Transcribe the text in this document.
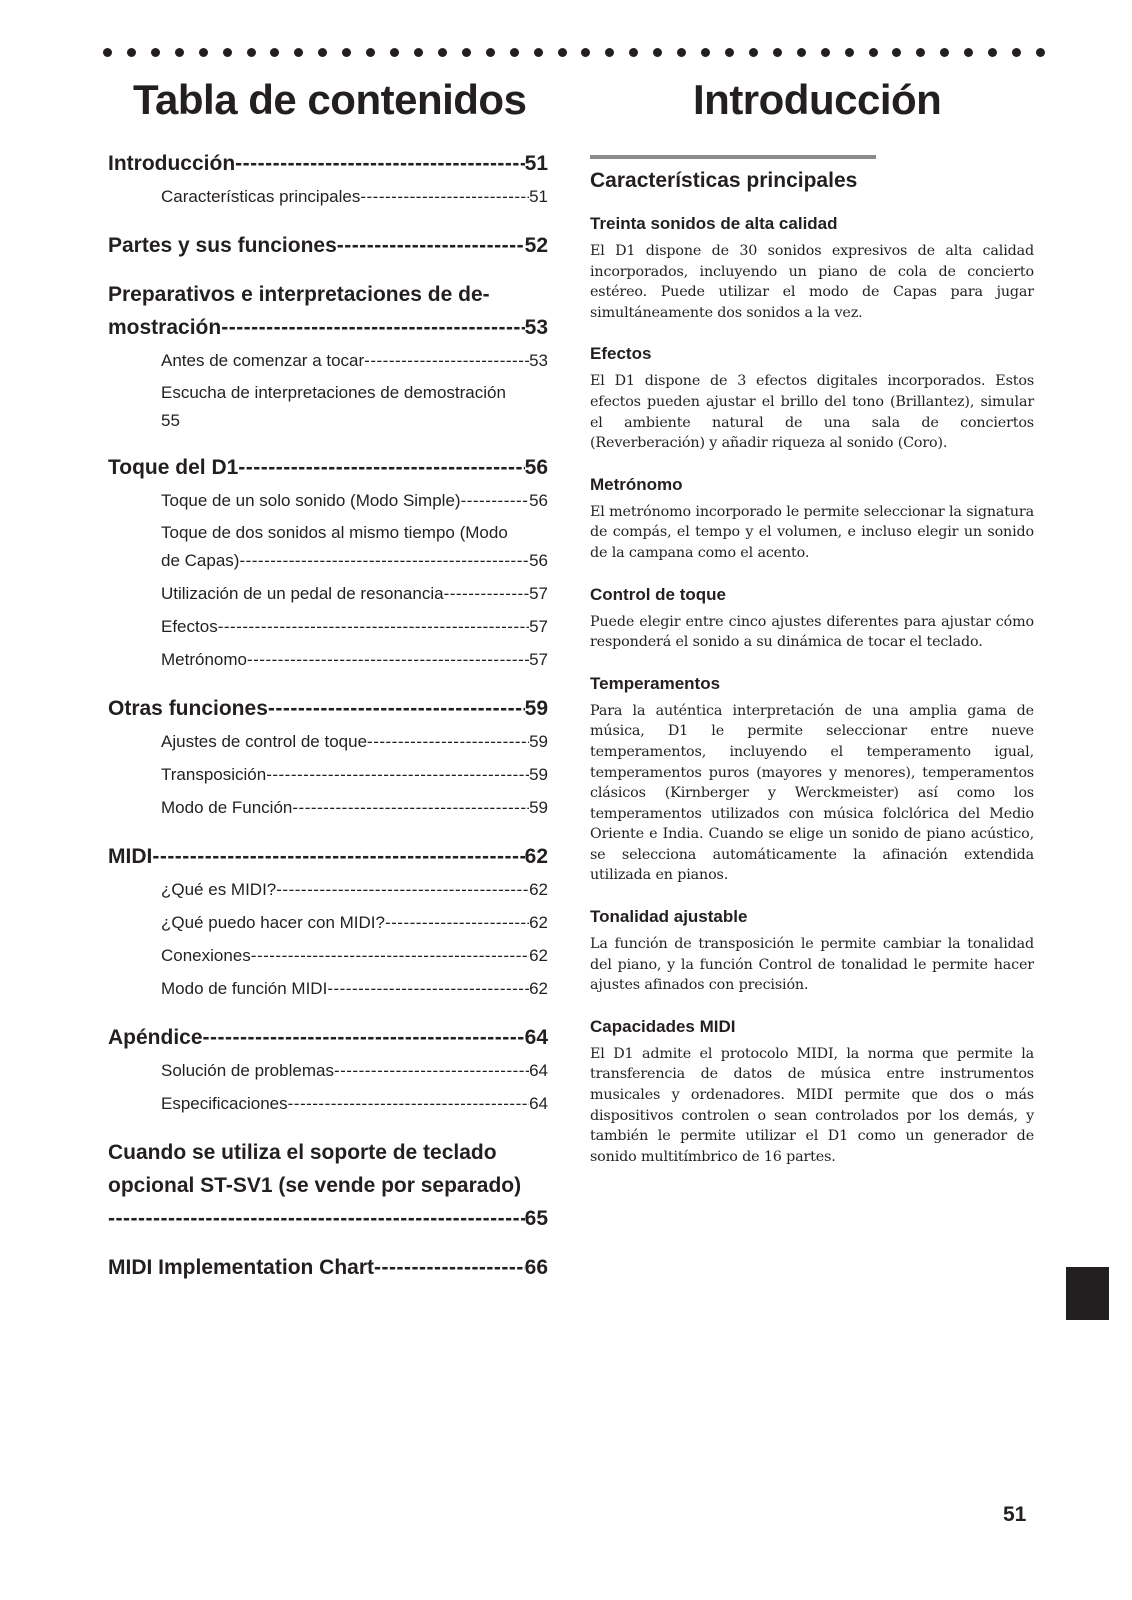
Tabla de contenidos	Introducción
Introducción -----	51
Características principales -----	51
Partes y sus funciones -----	52
Preparativos e interpretaciones de de-
mostración -----	53
Antes de comenzar a tocar -----	53
Escucha de interpretaciones de demostración
55
Toque del D1 -----	56
Toque de un solo sonido (Modo Simple) -----	56
Toque de dos sonidos al mismo tiempo (Modo
de Capas) -----	56
Utilización de un pedal de resonancia -----	57
Efectos -----	57
Metrónomo -----	57
Otras funciones -----	59
Ajustes de control de toque -----	59
Transposición -----	59
Modo de Función -----	59
MIDI -----	62
¿Qué es MIDI? -----	62
¿Qué puedo hacer con MIDI? -----	62
Conexiones -----	62
Modo de función MIDI -----	62
Apéndice -----	64
Solución de problemas -----	64
Especificaciones -----	64
Cuando se utiliza el soporte de teclado
opcional ST-SV1 (se vende por separado)
-----
65
MIDI Implementation Chart -----	66
Características principales
Treinta sonidos de alta calidad

El D1 dispone de 30 sonidos expresivos de alta calidad incorporados, incluyendo un piano de cola de concierto estéreo. Puede utilizar el modo de Capas para jugar simultáneamente dos sonidos a la vez.

Efectos

El D1 dispone de 3 efectos digitales incorporados. Estos efectos pueden ajustar el brillo del tono (Brillantez), simular el ambiente natural de una sala de conciertos (Reverberación) y añadir riqueza al sonido (Coro).

Metrónomo

El metrónomo incorporado le permite seleccionar la signatura de compás, el tempo y el volumen, e incluso elegir un sonido de la campana como el acento.

Control de toque

Puede elegir entre cinco ajustes diferentes para ajustar cómo responderá el sonido a su dinámica de tocar el teclado.

Temperamentos

Para la auténtica interpretación de una amplia gama de música, D1 le permite seleccionar entre nueve temperamentos, incluyendo el temperamento igual, temperamentos puros (mayores y menores), temperamentos clásicos (Kirnberger y Werckmeister) así como los temperamentos utilizados con música folclórica del Medio Oriente e India. Cuando se elige un sonido de piano acústico, se selecciona automáticamente la afinación extendida utilizada en pianos.

Tonalidad ajustable

La función de transposición le permite cambiar la tonalidad del piano, y la función Control de tonalidad le permite hacer ajustes afinados con precisión.

Capacidades MIDI

El D1 admite el protocolo MIDI, la norma que permite la transferencia de datos de música entre instrumentos musicales y ordenadores. MIDI permite que dos o más dispositivos controlen o sean controlados por los demás, y también le permite utilizar el D1 como un generador de sonido multitímbrico de 16 partes.

51
